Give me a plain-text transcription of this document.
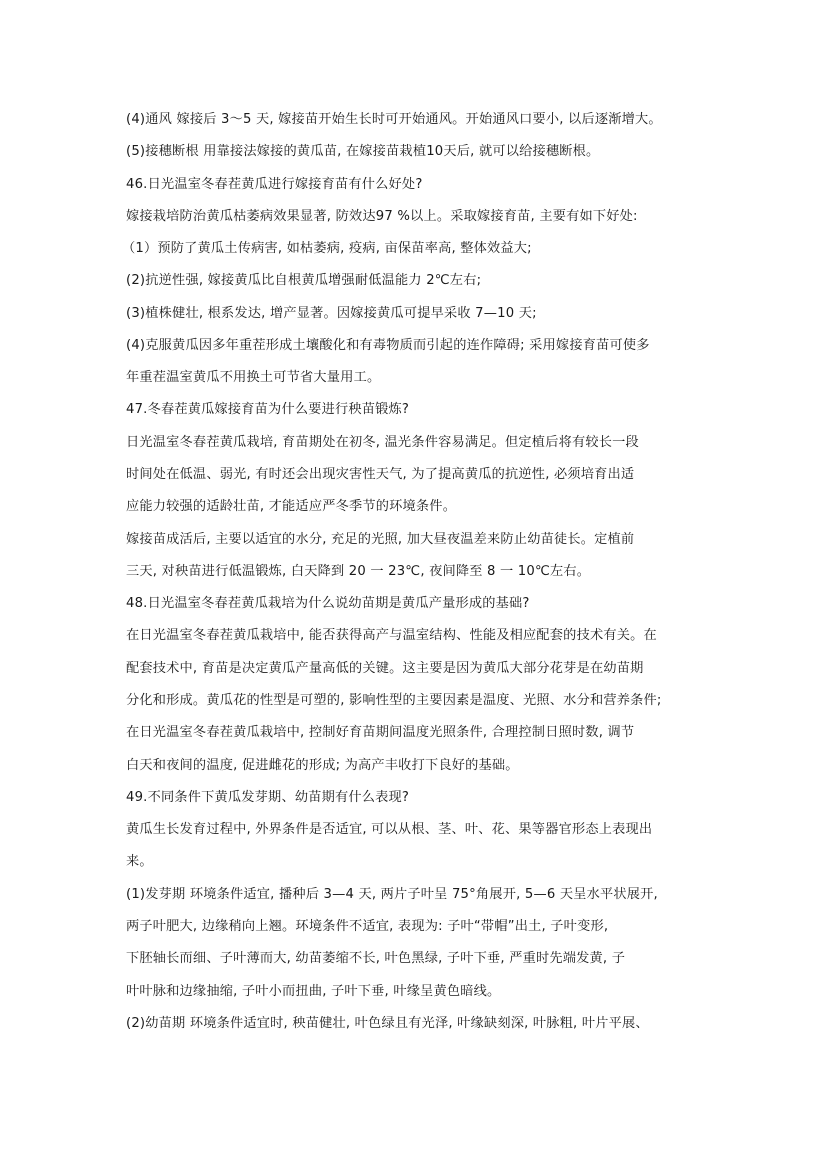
(4)通风 嫁接后 3～5 天, 嫁接苗开始生长时可开始通风。开始通风口要小, 以后逐渐增大。
(5)接穗断根 用靠接法嫁接的黄瓜苗, 在嫁接苗栽植10天后, 就可以给接穗断根。
46.日光温室冬春茬黄瓜进行嫁接育苗有什么好处?
嫁接栽培防治黄瓜枯萎病效果显著, 防效达97 %以上。采取嫁接育苗, 主要有如下好处:
（1）预防了黄瓜土传病害, 如枯萎病, 疫病, 亩保苗率高, 整体效益大;
(2)抗逆性强, 嫁接黄瓜比自根黄瓜增强耐低温能力 2℃左右;
(3)植株健壮, 根系发达, 增产显著。因嫁接黄瓜可提早采收 7—10 天;
(4)克服黄瓜因多年重茬形成土壤酸化和有毒物质而引起的连作障碍; 采用嫁接育苗可使多
年重茬温室黄瓜不用换土可节省大量用工。
47.冬春茬黄瓜嫁接育苗为什么要进行秧苗锻炼?
日光温室冬春茬黄瓜栽培, 育苗期处在初冬, 温光条件容易满足。但定植后将有较长一段
时间处在低温、弱光, 有时还会出现灾害性天气, 为了提高黄瓜的抗逆性, 必须培育出适
应能力较强的适龄壮苗, 才能适应严冬季节的环境条件。
嫁接苗成活后, 主要以适宜的水分, 充足的光照, 加大昼夜温差来防止幼苗徒长。定植前
三天, 对秧苗进行低温锻炼, 白天降到 20 一 23℃, 夜间降至 8 一 10℃左右。
48.日光温室冬春茬黄瓜栽培为什么说幼苗期是黄瓜产量形成的基础?
在日光温室冬春茬黄瓜栽培中, 能否获得高产与温室结构、性能及相应配套的技术有关。在
配套技术中, 育苗是决定黄瓜产量高低的关键。这主要是因为黄瓜大部分花芽是在幼苗期
分化和形成。黄瓜花的性型是可塑的, 影响性型的主要因素是温度、光照、水分和营养条件;
在日光温室冬春茬黄瓜栽培中, 控制好育苗期间温度光照条件, 合理控制日照时数, 调节
白天和夜间的温度, 促进雌花的形成; 为高产丰收打下良好的基础。
49.不同条件下黄瓜发芽期、幼苗期有什么表现?
黄瓜生长发育过程中, 外界条件是否适宜, 可以从根、茎、叶、花、果等器官形态上表现出
来。
(1)发芽期 环境条件适宜, 播种后 3—4 天, 两片子叶呈 75°角展开, 5—6 天呈水平状展开,
两子叶肥大, 边缘稍向上翘。环境条件不适宜, 表现为: 子叶“带帽”出土, 子叶变形,
下胚轴长而细、子叶薄而大, 幼苗萎缩不长, 叶色黑绿, 子叶下垂, 严重时先端发黄, 子
叶叶脉和边缘抽缩, 子叶小而扭曲, 子叶下垂, 叶缘呈黄色暗线。
(2)幼苗期 环境条件适宜时, 秧苗健壮, 叶色绿且有光泽, 叶缘缺刻深, 叶脉粗, 叶片平展、
